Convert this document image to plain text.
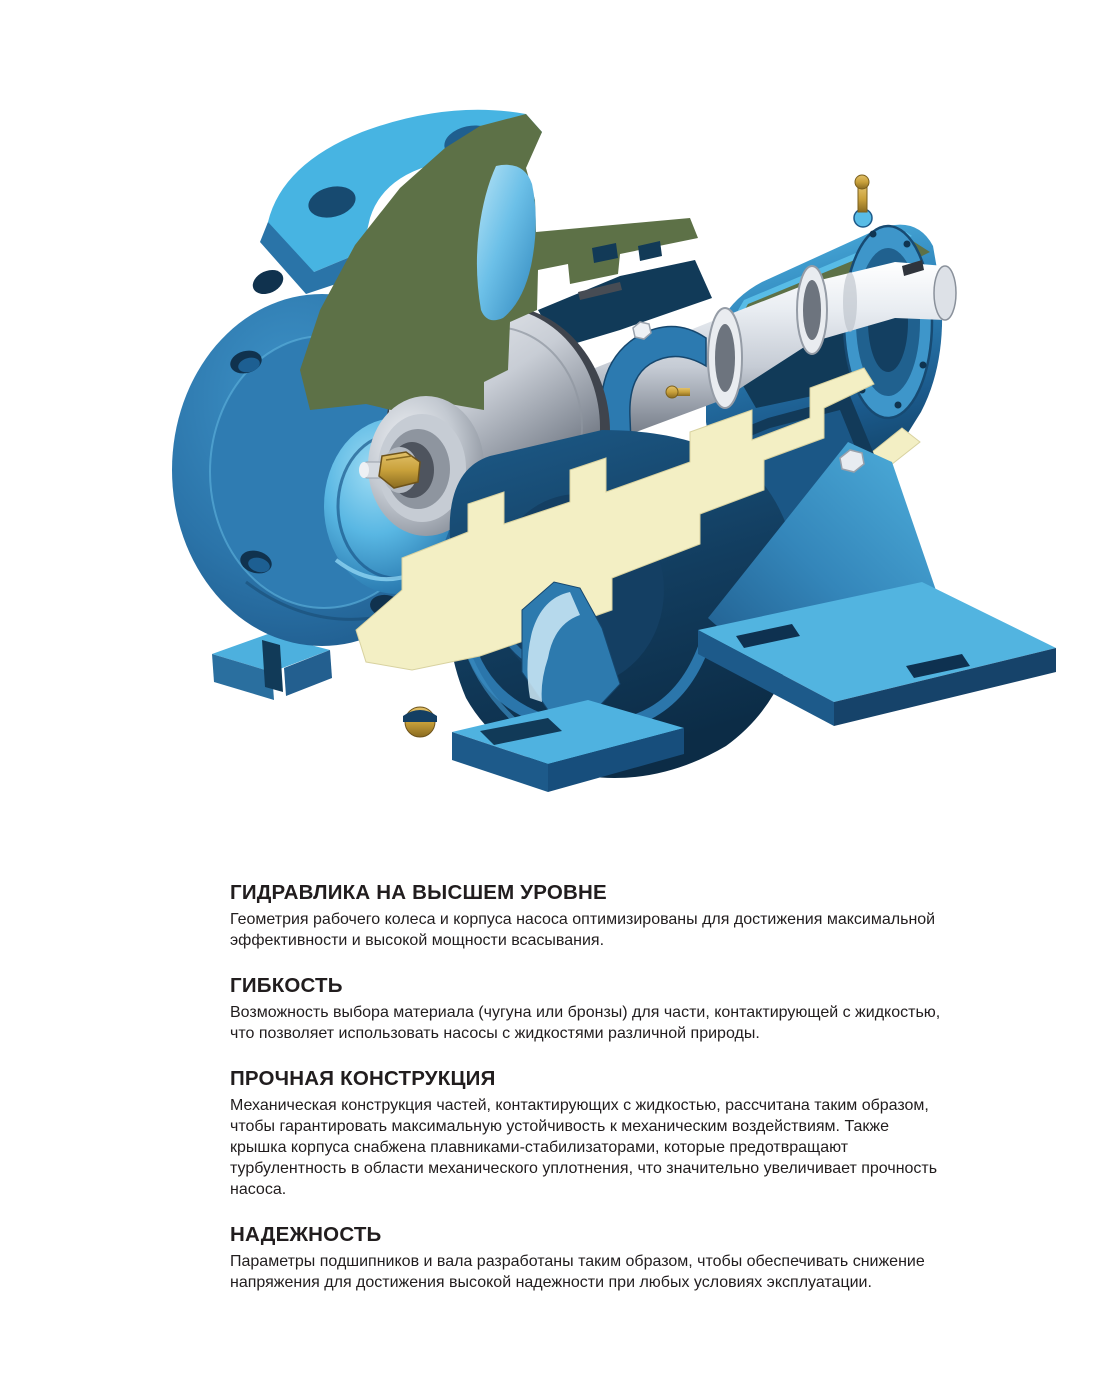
ГИДРАВЛИКА НА ВЫСШЕМ УРОВНЕ

Геометрия рабочего колеса и корпуса насоса оптимизированы для достижения максимальной эффективности и высокой мощности всасывания.

ГИБКОСТЬ

Возможность выбора материала (чугуна или бронзы) для части, контактирующей с жидкостью, что позволяет использовать насосы с жидкостями различной природы.

ПРОЧНАЯ КОНСТРУКЦИЯ

Механическая конструкция частей, контактирующих с жидкостью, рассчитана таким образом, чтобы гарантировать максимальную устойчивость к механическим воздействиям. Также крышка корпуса снабжена плавниками-стабилизаторами, которые предотвращают турбулентность в области механического уплотнения, что значительно увеличивает прочность насоса.

НАДЕЖНОСТЬ

Параметры подшипников и вала разработаны таким образом, чтобы обеспечивать снижение напряжения для достижения высокой надежности при любых условиях эксплуатации.
